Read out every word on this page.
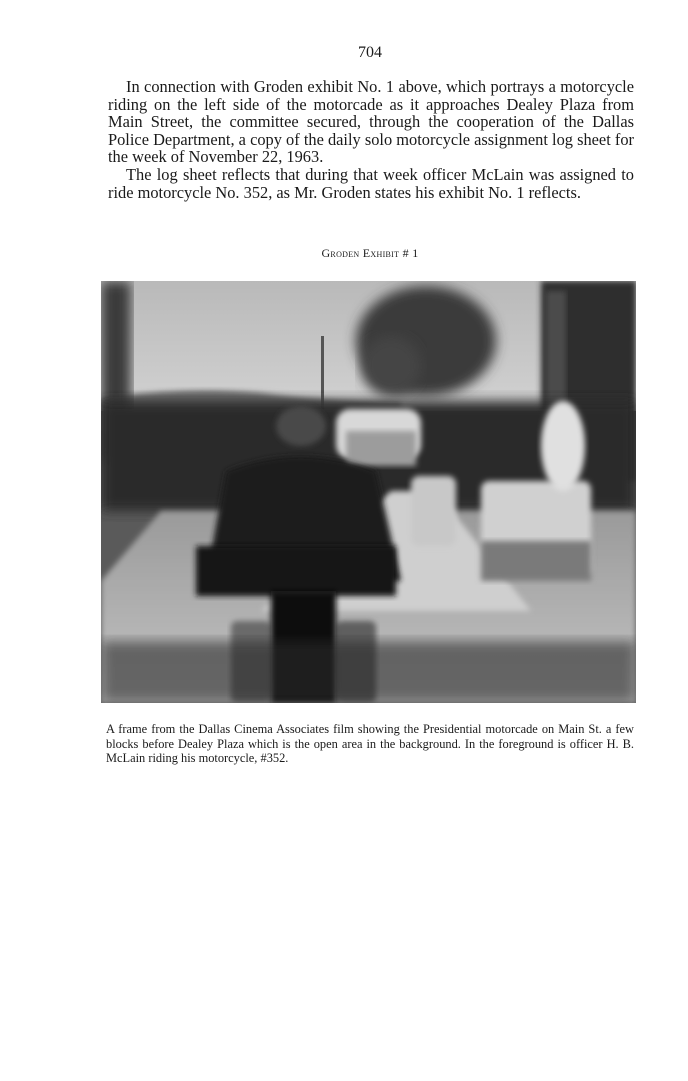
704

In connection with Groden exhibit No. 1 above, which portrays a motorcycle riding on the left side of the motorcade as it approaches Dealey Plaza from Main Street, the committee secured, through the cooperation of the Dallas Police Department, a copy of the daily solo motorcycle assignment log sheet for the week of November 22, 1963.

The log sheet reflects that during that week officer McLain was assigned to ride motorcycle No. 352, as Mr. Groden states his exhibit No. 1 reflects.

Groden Exhibit # 1
A frame from the Dallas Cinema Associates film showing the Presidential motorcade on Main St. a few blocks before Dealey Plaza which is the open area in the background. In the foreground is officer H. B. McLain riding his motorcycle, #352.
